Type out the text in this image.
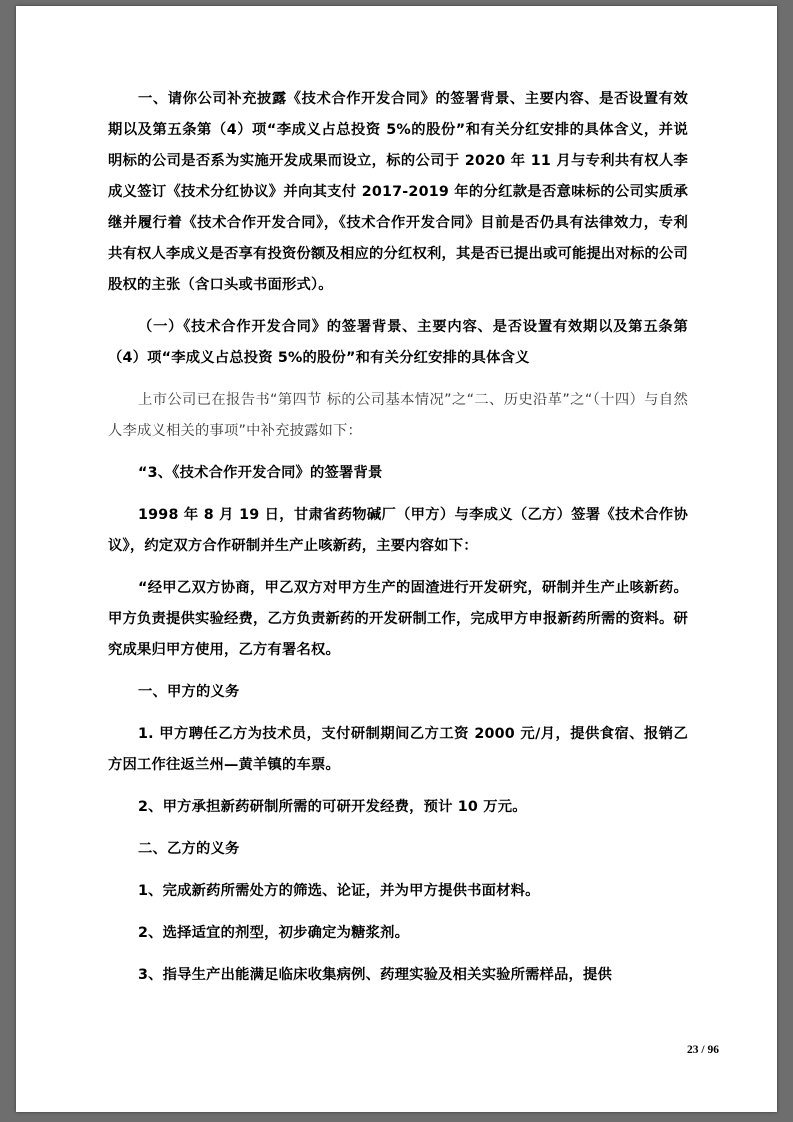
一、请你公司补充披露《技术合作开发合同》的签署背景、主要内容、是否设置有效期以及第五条第（4）项“李成义占总投资 5%的股份”和有关分红安排的具体含义，并说明标的公司是否系为实施开发成果而设立，标的公司于 2020 年 11 月与专利共有权人李成义签订《技术分红协议》并向其支付 2017-2019 年的分红款是否意味标的公司实质承继并履行着《技术合作开发合同》，《技术合作开发合同》目前是否仍具有法律效力，专利共有权人李成义是否享有投资份额及相应的分红权利，其是否已提出或可能提出对标的公司股权的主张（含口头或书面形式）。

（一）《技术合作开发合同》的签署背景、主要内容、是否设置有效期以及第五条第（4）项“李成义占总投资 5%的股份”和有关分红安排的具体含义

上市公司已在报告书“第四节 标的公司基本情况”之“二、历史沿革”之“（十四）与自然人李成义相关的事项”中补充披露如下：

“3、《技术合作开发合同》的签署背景

1998 年 8 月 19 日，甘肃省药物碱厂（甲方）与李成义（乙方）签署《技术合作协议》，约定双方合作研制并生产止咳新药，主要内容如下：

“经甲乙双方协商，甲乙双方对甲方生产的固渣进行开发研究，研制并生产止咳新药。甲方负责提供实验经费，乙方负责新药的开发研制工作，完成甲方申报新药所需的资料。研究成果归甲方使用，乙方有署名权。

一、甲方的义务

1. 甲方聘任乙方为技术员，支付研制期间乙方工资 2000 元/月，提供食宿、报销乙方因工作往返兰州—黄羊镇的车票。

2、甲方承担新药研制所需的可研开发经费，预计 10 万元。

二、乙方的义务

1、完成新药所需处方的筛选、论证，并为甲方提供书面材料。

2、选择适宜的剂型，初步确定为糖浆剂。

3、指导生产出能满足临床收集病例、药理实验及相关实验所需样品，提供

23 / 96
